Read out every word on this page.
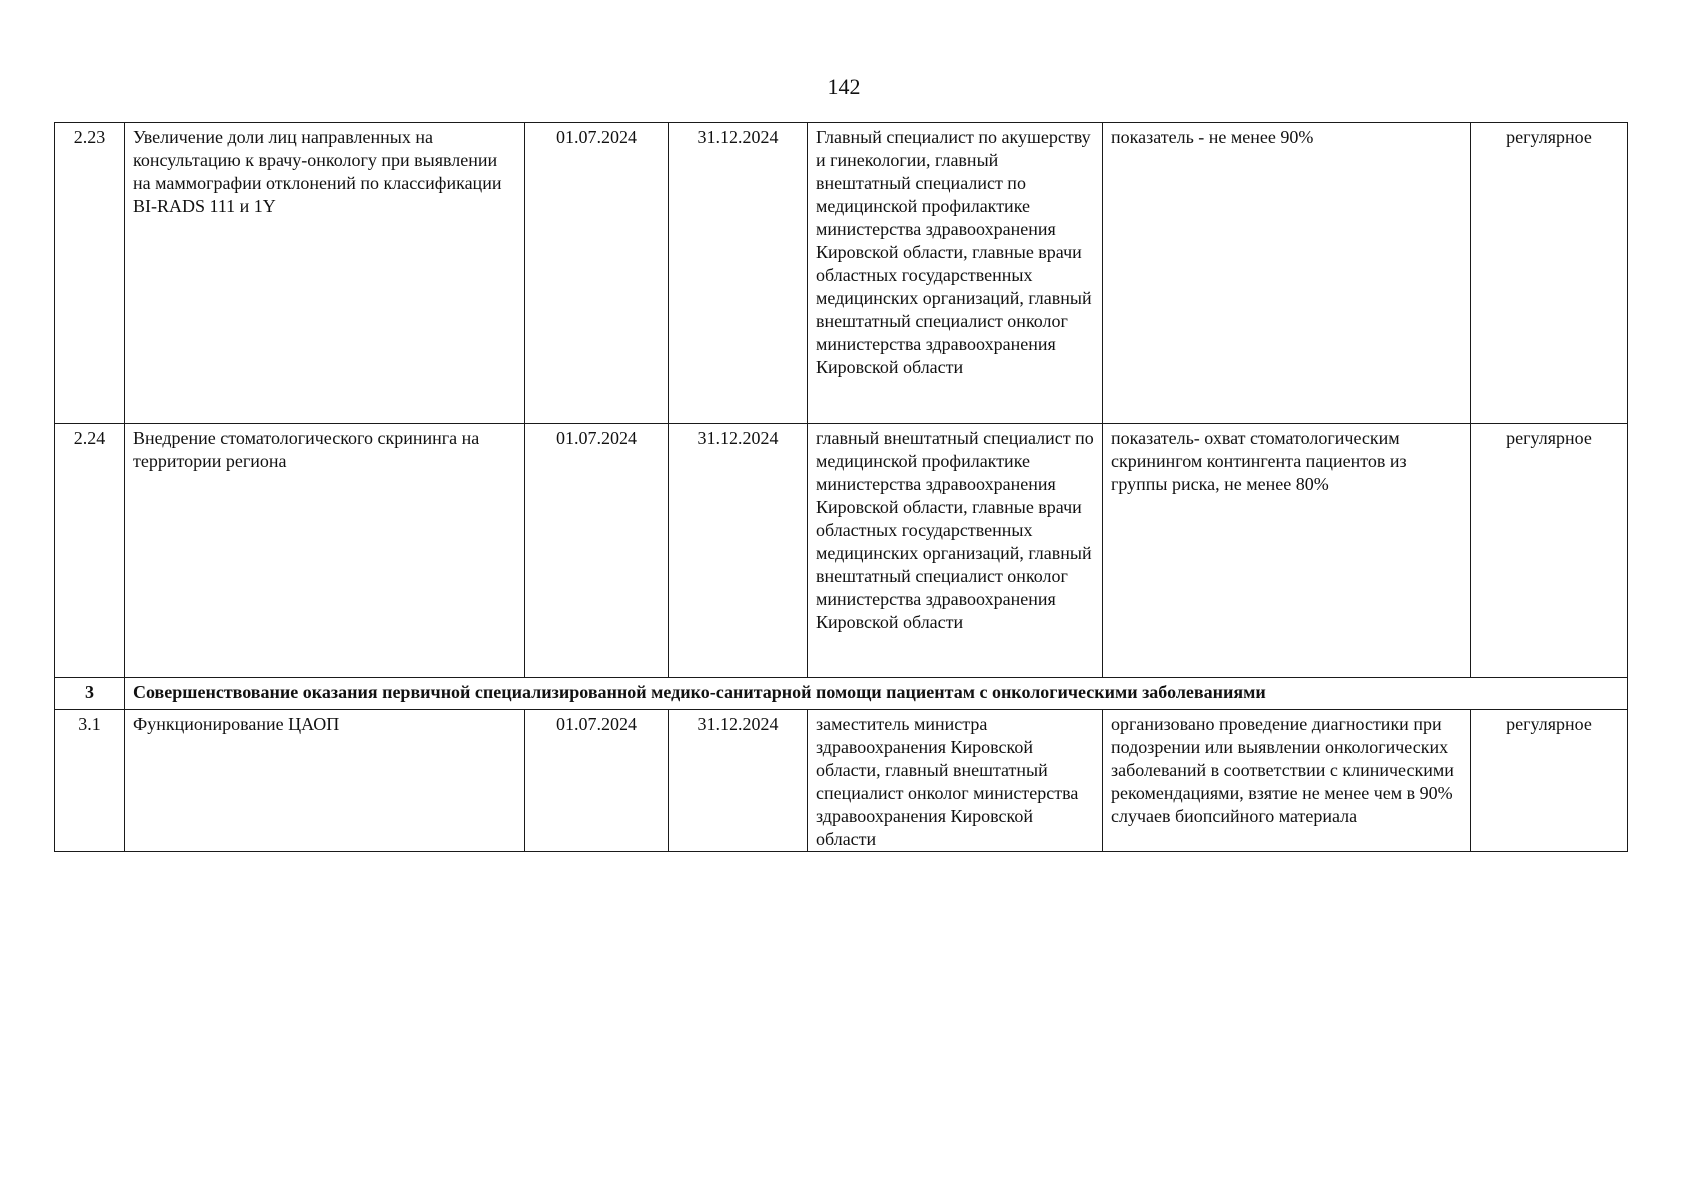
142
2.23	Увеличение доли лиц направленных на консультацию к врачу-онкологу при выявлении на маммографии отклонений по классификации BI-RADS 111 и 1Y	01.07.2024	31.12.2024	Главный специалист по акушерству и гинекологии, главный внештатный специалист по медицинской профилактике министерства здравоохранения Кировской области, главные врачи областных государственных медицинских организаций, главный внештатный специалист онколог министерства здравоохранения Кировской области	показатель - не менее 90%	регулярное
2.24	Внедрение стоматологического скрининга на территории региона	01.07.2024	31.12.2024	главный внештатный специалист по медицинской профилактике министерства здравоохранения Кировской области, главные врачи областных государственных медицинских организаций, главный внештатный специалист онколог министерства здравоохранения Кировской области	показатель- охват стоматологическим скринингом контингента пациентов из группы риска, не менее 80%	регулярное
3	Совершенствование оказания первичной специализированной медико-санитарной помощи пациентам с онкологическими заболеваниями					
3.1	Функционирование ЦАОП	01.07.2024	31.12.2024	заместитель министра здравоохранения Кировской области, главный внештатный специалист онколог министерства здравоохранения Кировской области	организовано проведение диагностики при подозрении или выявлении онкологических заболеваний в соответствии с клиническими рекомендациями, взятие не менее чем в 90% случаев биопсийного материала	регулярное
